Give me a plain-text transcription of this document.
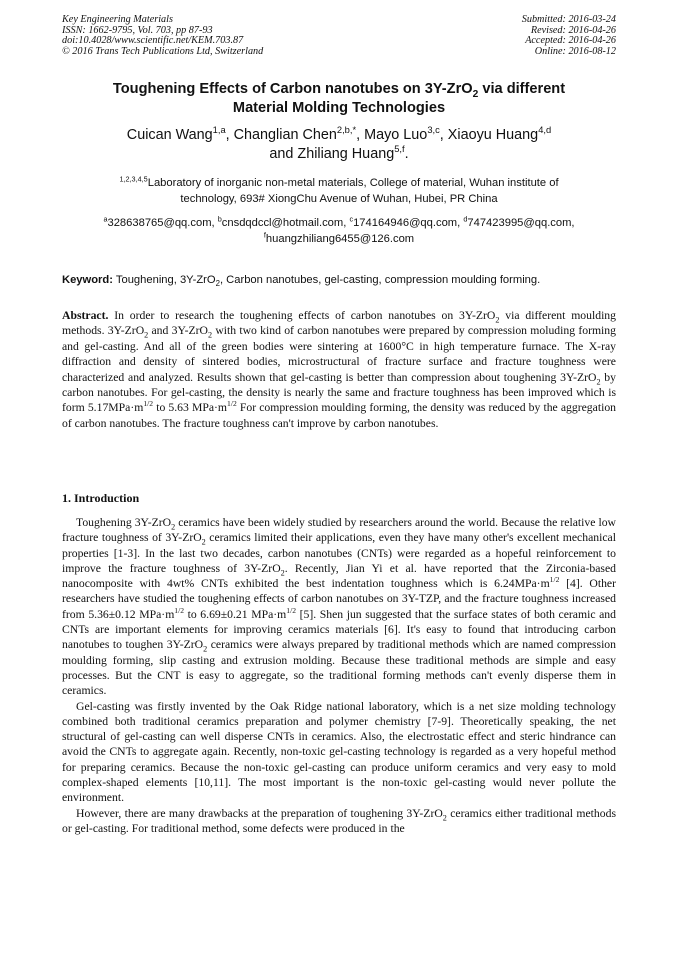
Key Engineering Materials
ISSN: 1662-9795, Vol. 703, pp 87-93
doi:10.4028/www.scientific.net/KEM.703.87
© 2016 Trans Tech Publications Ltd, Switzerland
Submitted: 2016-03-24
Revised: 2016-04-26
Accepted: 2016-04-26
Online: 2016-08-12
Toughening Effects of Carbon nanotubes on 3Y-ZrO$_2$ via different
Material Molding Technologies
Cuican Wang$^{1,a}$, Changlian Chen$^{2,b,*}$, Mayo Luo$^{3,c}$, Xiaoyu Huang$^{4,d}$
and Zhiliang Huang$^{5,f}$.
$^{1,2,3,4,5}$Laboratory of inorganic non-metal materials, College of material, Wuhan institute of technology, 693# XiongChu Avenue of Wuhan, Hubei, PR China
$^a$328638765@qq.com, $^b$cnsdqdccl@hotmail.com, $^c$174164946@qq.com, $^d$747423995@qq.com,
$^f$huangzhiliang6455@126.com
Keyword: Toughening, 3Y-ZrO$_2$, Carbon nanotubes, gel-casting, compression moulding forming.
Abstract. In order to research the toughening effects of carbon nanotubes on 3Y-ZrO$_2$ via different moulding methods. 3Y-ZrO$_2$ and 3Y-ZrO$_2$ with two kind of carbon nanotubes were prepared by compression moluding forming and gel-casting. And all of the green bodies were sintering at 1600°C in high temperature furnace. The X-ray diffraction and density of sintered bodies, microstructural of fracture surface and fracture toughness were characterized and analyzed. Results shown that gel-casting is better than compression about toughening 3Y-ZrO$_2$ by carbon nanotubes. For gel-casting, the density is nearly the same and fracture toughness has been improved which is form $5.17MPa\cdot m^{1/2}$ to 5.63 $MPa\cdot m^{1/2}$ For compression moulding forming, the density was reduced by the aggregation of carbon nanotubes. The fracture toughness can't improve by carbon nanotubes.
1. Introduction

Toughening 3Y-ZrO$_2$ ceramics have been widely studied by researchers around the world. Because the relative low fracture toughness of 3Y-ZrO$_2$ ceramics limited their applications, even they have many other's excellent mechanical properties [1-3]. In the last two decades, carbon nanotubes (CNTs) were regarded as a hopeful reinforcement to improve the fracture toughness of 3Y-ZrO$_2$. Recently, Jian Yi et al. have reported that the Zirconia-based nanocomposite with 4wt% CNTs exhibited the best indentation toughness which is $6.24MPa\cdot m^{1/2}$ [4]. Other researchers have studied the toughening effects of carbon nanotubes on 3Y-TZP, and the fracture toughness increased from 5.36±0.12 $MPa\cdot m^{1/2}$ to 6.69±0.21 $MPa\cdot m^{1/2}$ [5]. Shen jun suggested that the surface states of both ceramic and CNTs are important elements for improving ceramics materials [6]. It's easy to found that introducing carbon nanotubes to toughen 3Y-ZrO$_2$ ceramics were always prepared by traditional methods which are named compression moulding forming, slip casting and extrusion molding. Because these traditional methods are simple and easy processes. But the CNT is easy to aggregate, so the traditional forming methods can't evenly disperse them in ceramics.

Gel-casting was firstly invented by the Oak Ridge national laboratory, which is a net size molding technology combined both traditional ceramics preparation and polymer chemistry [7-9]. Theoretically speaking, the net structural of gel-casting can well disperse CNTs in ceramics. Also, the electrostatic effect and steric hindrance can avoid the CNTs to aggregate again. Recently, non-toxic gel-casting technology is regarded as a very hopeful method for preparing ceramics. Because the non-toxic gel-casting can produce uniform ceramics and very easy to mold complex-shaped elements [10,11]. The most important is the non-toxic gel-casting would never pollute the environment.

However, there are many drawbacks at the preparation of toughening 3Y-ZrO$_2$ ceramics either traditional methods or gel-casting. For traditional method, some defects were produced in the
